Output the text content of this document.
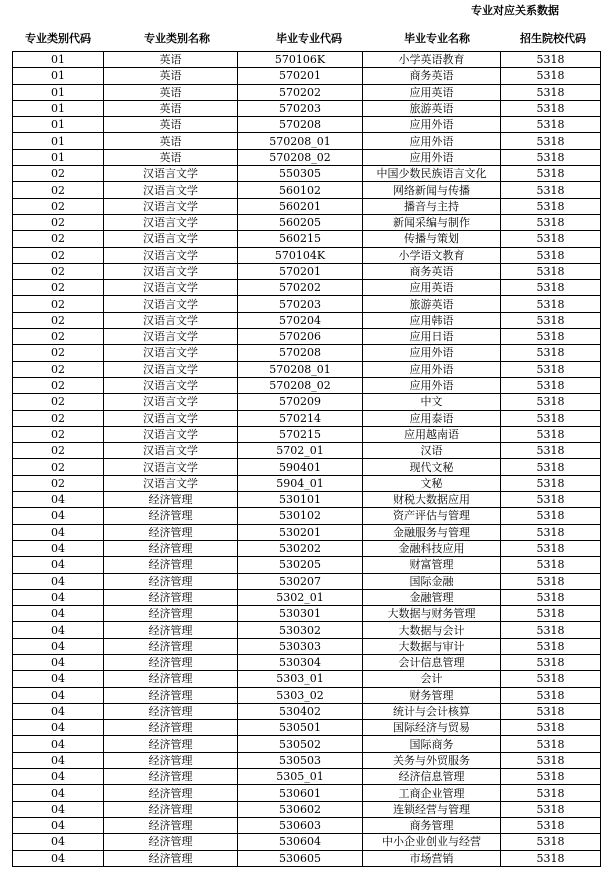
专业对应关系数据
专业类别代码	专业类别名称	毕业专业代码	毕业专业名称	招生院校代码
01	英语	570106K	小学英语教育	5318
01	英语	570201	商务英语	5318
01	英语	570202	应用英语	5318
01	英语	570203	旅游英语	5318
01	英语	570208	应用外语	5318
01	英语	570208_01	应用外语	5318
01	英语	570208_02	应用外语	5318
02	汉语言文学	550305	中国少数民族语言文化	5318
02	汉语言文学	560102	网络新闻与传播	5318
02	汉语言文学	560201	播音与主持	5318
02	汉语言文学	560205	新闻采编与制作	5318
02	汉语言文学	560215	传播与策划	5318
02	汉语言文学	570104K	小学语文教育	5318
02	汉语言文学	570201	商务英语	5318
02	汉语言文学	570202	应用英语	5318
02	汉语言文学	570203	旅游英语	5318
02	汉语言文学	570204	应用韩语	5318
02	汉语言文学	570206	应用日语	5318
02	汉语言文学	570208	应用外语	5318
02	汉语言文学	570208_01	应用外语	5318
02	汉语言文学	570208_02	应用外语	5318
02	汉语言文学	570209	中文	5318
02	汉语言文学	570214	应用泰语	5318
02	汉语言文学	570215	应用越南语	5318
02	汉语言文学	5702_01	汉语	5318
02	汉语言文学	590401	现代文秘	5318
02	汉语言文学	5904_01	文秘	5318
04	经济管理	530101	财税大数据应用	5318
04	经济管理	530102	资产评估与管理	5318
04	经济管理	530201	金融服务与管理	5318
04	经济管理	530202	金融科技应用	5318
04	经济管理	530205	财富管理	5318
04	经济管理	530207	国际金融	5318
04	经济管理	5302_01	金融管理	5318
04	经济管理	530301	大数据与财务管理	5318
04	经济管理	530302	大数据与会计	5318
04	经济管理	530303	大数据与审计	5318
04	经济管理	530304	会计信息管理	5318
04	经济管理	5303_01	会计	5318
04	经济管理	5303_02	财务管理	5318
04	经济管理	530402	统计与会计核算	5318
04	经济管理	530501	国际经济与贸易	5318
04	经济管理	530502	国际商务	5318
04	经济管理	530503	关务与外贸服务	5318
04	经济管理	5305_01	经济信息管理	5318
04	经济管理	530601	工商企业管理	5318
04	经济管理	530602	连锁经营与管理	5318
04	经济管理	530603	商务管理	5318
04	经济管理	530604	中小企业创业与经营	5318
04	经济管理	530605	市场营销	5318
